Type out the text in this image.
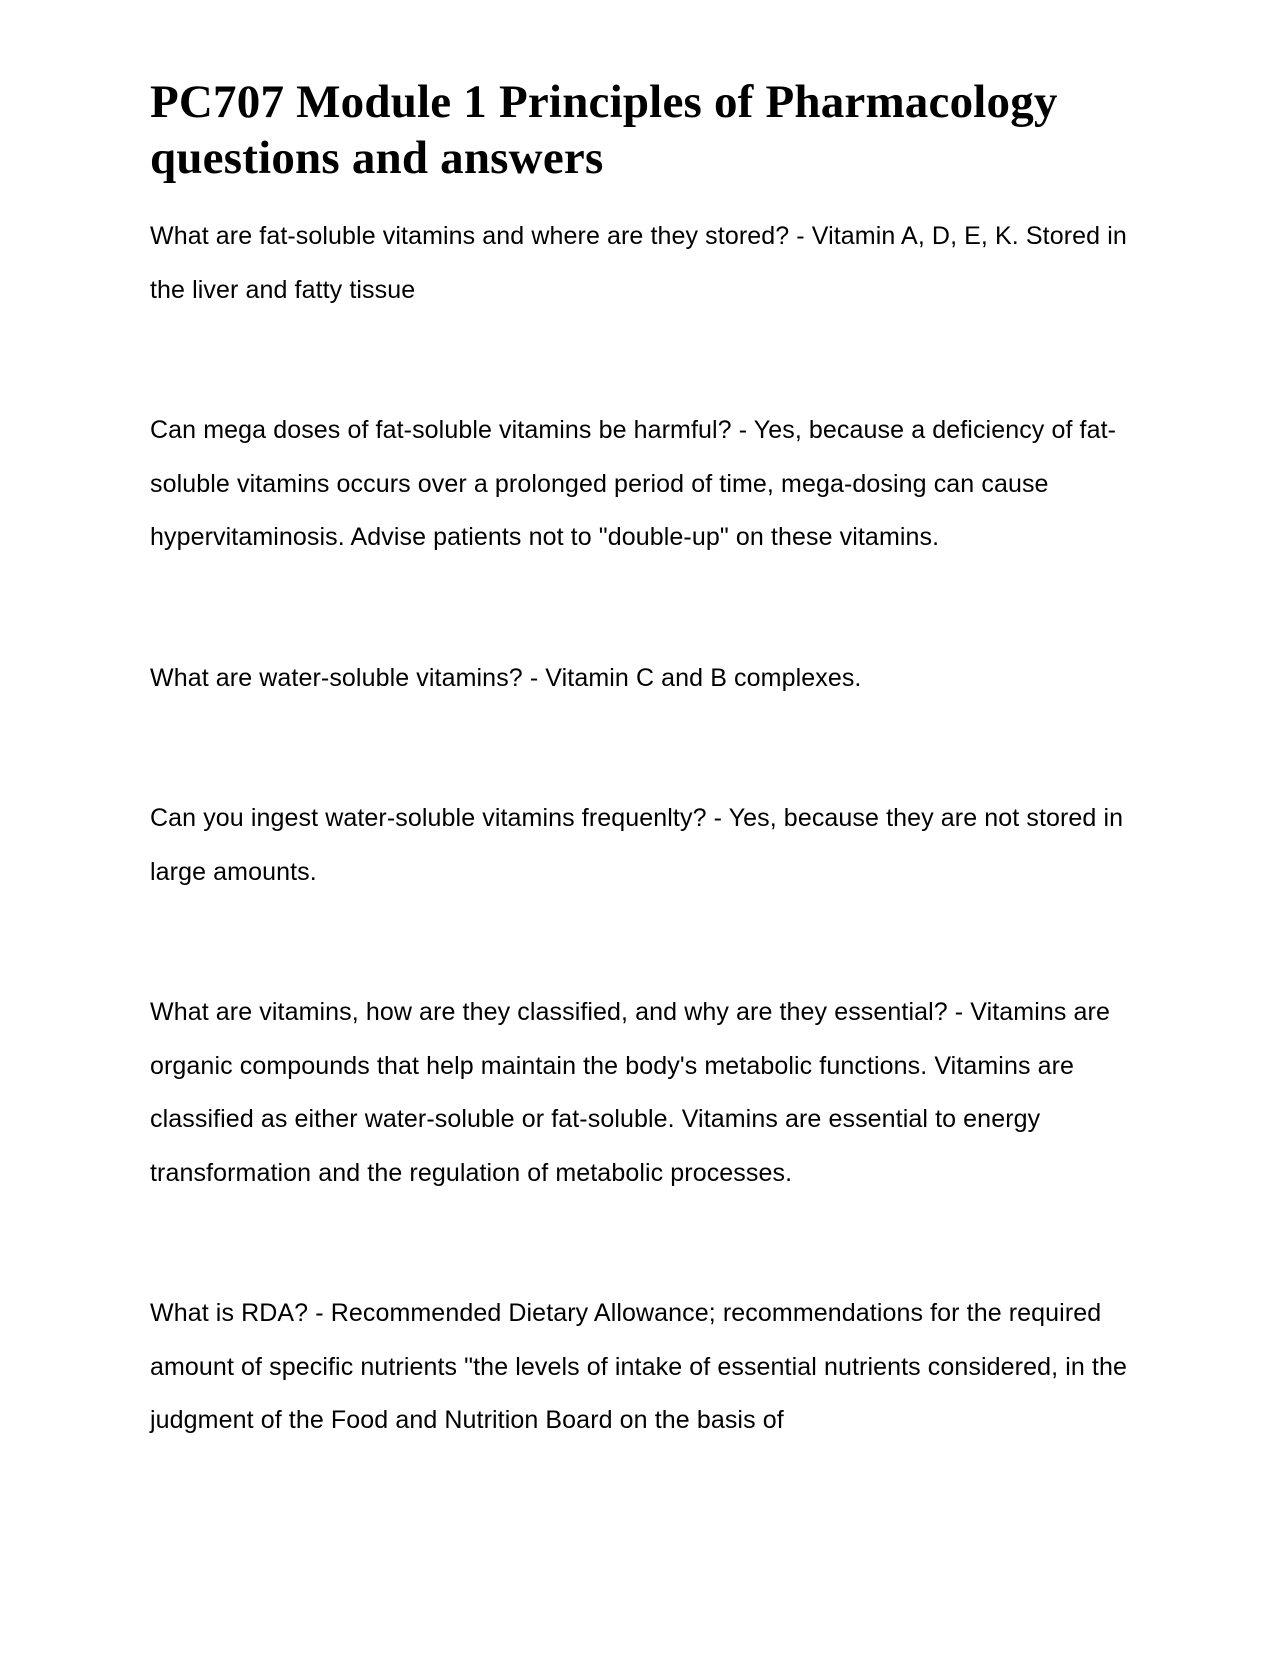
PC707 Module 1 Principles of Pharmacology questions and answers

What are fat-soluble vitamins and where are they stored? - Vitamin A, D, E, K. Stored in the liver and fatty tissue

Can mega doses of fat-soluble vitamins be harmful? - Yes, because a deficiency of fat-soluble vitamins occurs over a prolonged period of time, mega-dosing can cause hypervitaminosis. Advise patients not to "double-up" on these vitamins.

What are water-soluble vitamins? - Vitamin C and B complexes.

Can you ingest water-soluble vitamins frequenlty? - Yes, because they are not stored in large amounts.

What are vitamins, how are they classified, and why are they essential? - Vitamins are organic compounds that help maintain the body's metabolic functions. Vitamins are classified as either water-soluble or fat-soluble. Vitamins are essential to energy transformation and the regulation of metabolic processes.

What is RDA? - Recommended Dietary Allowance; recommendations for the required amount of specific nutrients "the levels of intake of essential nutrients considered, in the judgment of the Food and Nutrition Board on the basis of
